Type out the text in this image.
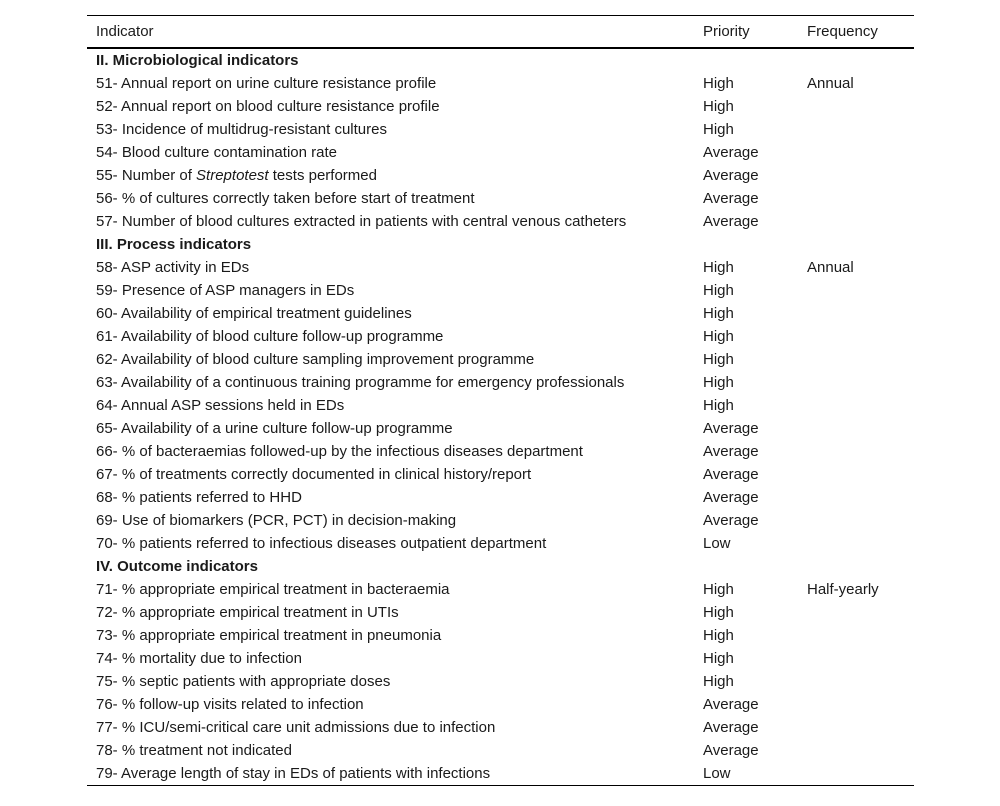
Indicator	Priority	Frequency
II. Microbiological indicators		
51- Annual report on urine culture resistance profile	High	Annual
52- Annual report on blood culture resistance profile	High	
53- Incidence of multidrug-resistant cultures	High	
54- Blood culture contamination rate	Average	
55- Number of Streptotest tests performed	Average	
56- % of cultures correctly taken before start of treatment	Average	
57- Number of blood cultures extracted in patients with central venous catheters	Average	
III. Process indicators		
58- ASP activity in EDs	High	Annual
59- Presence of ASP managers in EDs	High	
60- Availability of empirical treatment guidelines	High	
61- Availability of blood culture follow-up programme	High	
62- Availability of blood culture sampling improvement programme	High	
63- Availability of a continuous training programme for emergency professionals	High	
64- Annual ASP sessions held in EDs	High	
65- Availability of a urine culture follow-up programme	Average	
66- % of bacteraemias followed-up by the infectious diseases department	Average	
67- % of treatments correctly documented in clinical history/report	Average	
68- % patients referred to HHD	Average	
69- Use of biomarkers (PCR, PCT) in decision-making	Average	
70- % patients referred to infectious diseases outpatient department	Low	
IV. Outcome indicators		
71- % appropriate empirical treatment in bacteraemia	High	Half-yearly
72- % appropriate empirical treatment in UTIs	High	
73- % appropriate empirical treatment in pneumonia	High	
74- % mortality due to infection	High	
75- % septic patients with appropriate doses	High	
76- % follow-up visits related to infection	Average	
77- % ICU/semi-critical care unit admissions due to infection	Average	
78- % treatment not indicated	Average	
79- Average length of stay in EDs of patients with infections	Low	
